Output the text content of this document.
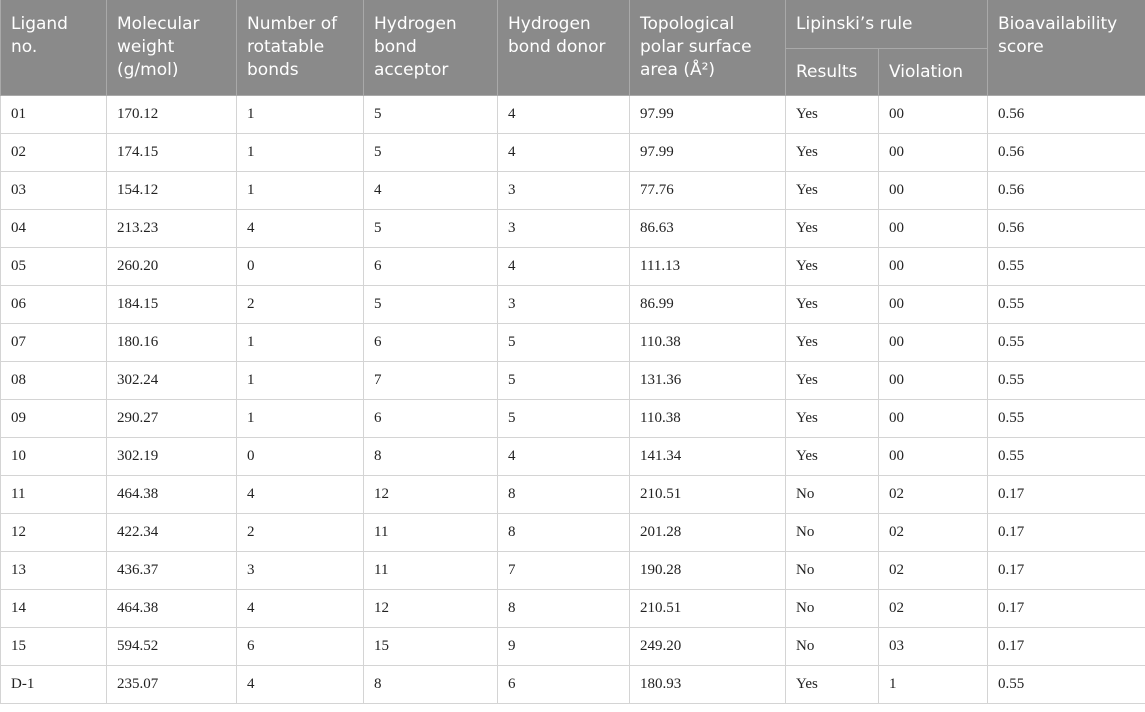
Ligand no.	Molecular weight (g/mol)	Number of rotatable bonds	Hydrogen bond acceptor	Hydrogen bond donor	Topological polar surface area (Å²)	Lipinski’s rule		Bioavailability score
						Results	Violation	
01	170.12	1	5	4	97.99	Yes	00	0.56
02	174.15	1	5	4	97.99	Yes	00	0.56
03	154.12	1	4	3	77.76	Yes	00	0.56
04	213.23	4	5	3	86.63	Yes	00	0.56
05	260.20	0	6	4	111.13	Yes	00	0.55
06	184.15	2	5	3	86.99	Yes	00	0.55
07	180.16	1	6	5	110.38	Yes	00	0.55
08	302.24	1	7	5	131.36	Yes	00	0.55
09	290.27	1	6	5	110.38	Yes	00	0.55
10	302.19	0	8	4	141.34	Yes	00	0.55
11	464.38	4	12	8	210.51	No	02	0.17
12	422.34	2	11	8	201.28	No	02	0.17
13	436.37	3	11	7	190.28	No	02	0.17
14	464.38	4	12	8	210.51	No	02	0.17
15	594.52	6	15	9	249.20	No	03	0.17
D-1	235.07	4	8	6	180.93	Yes	1	0.55
